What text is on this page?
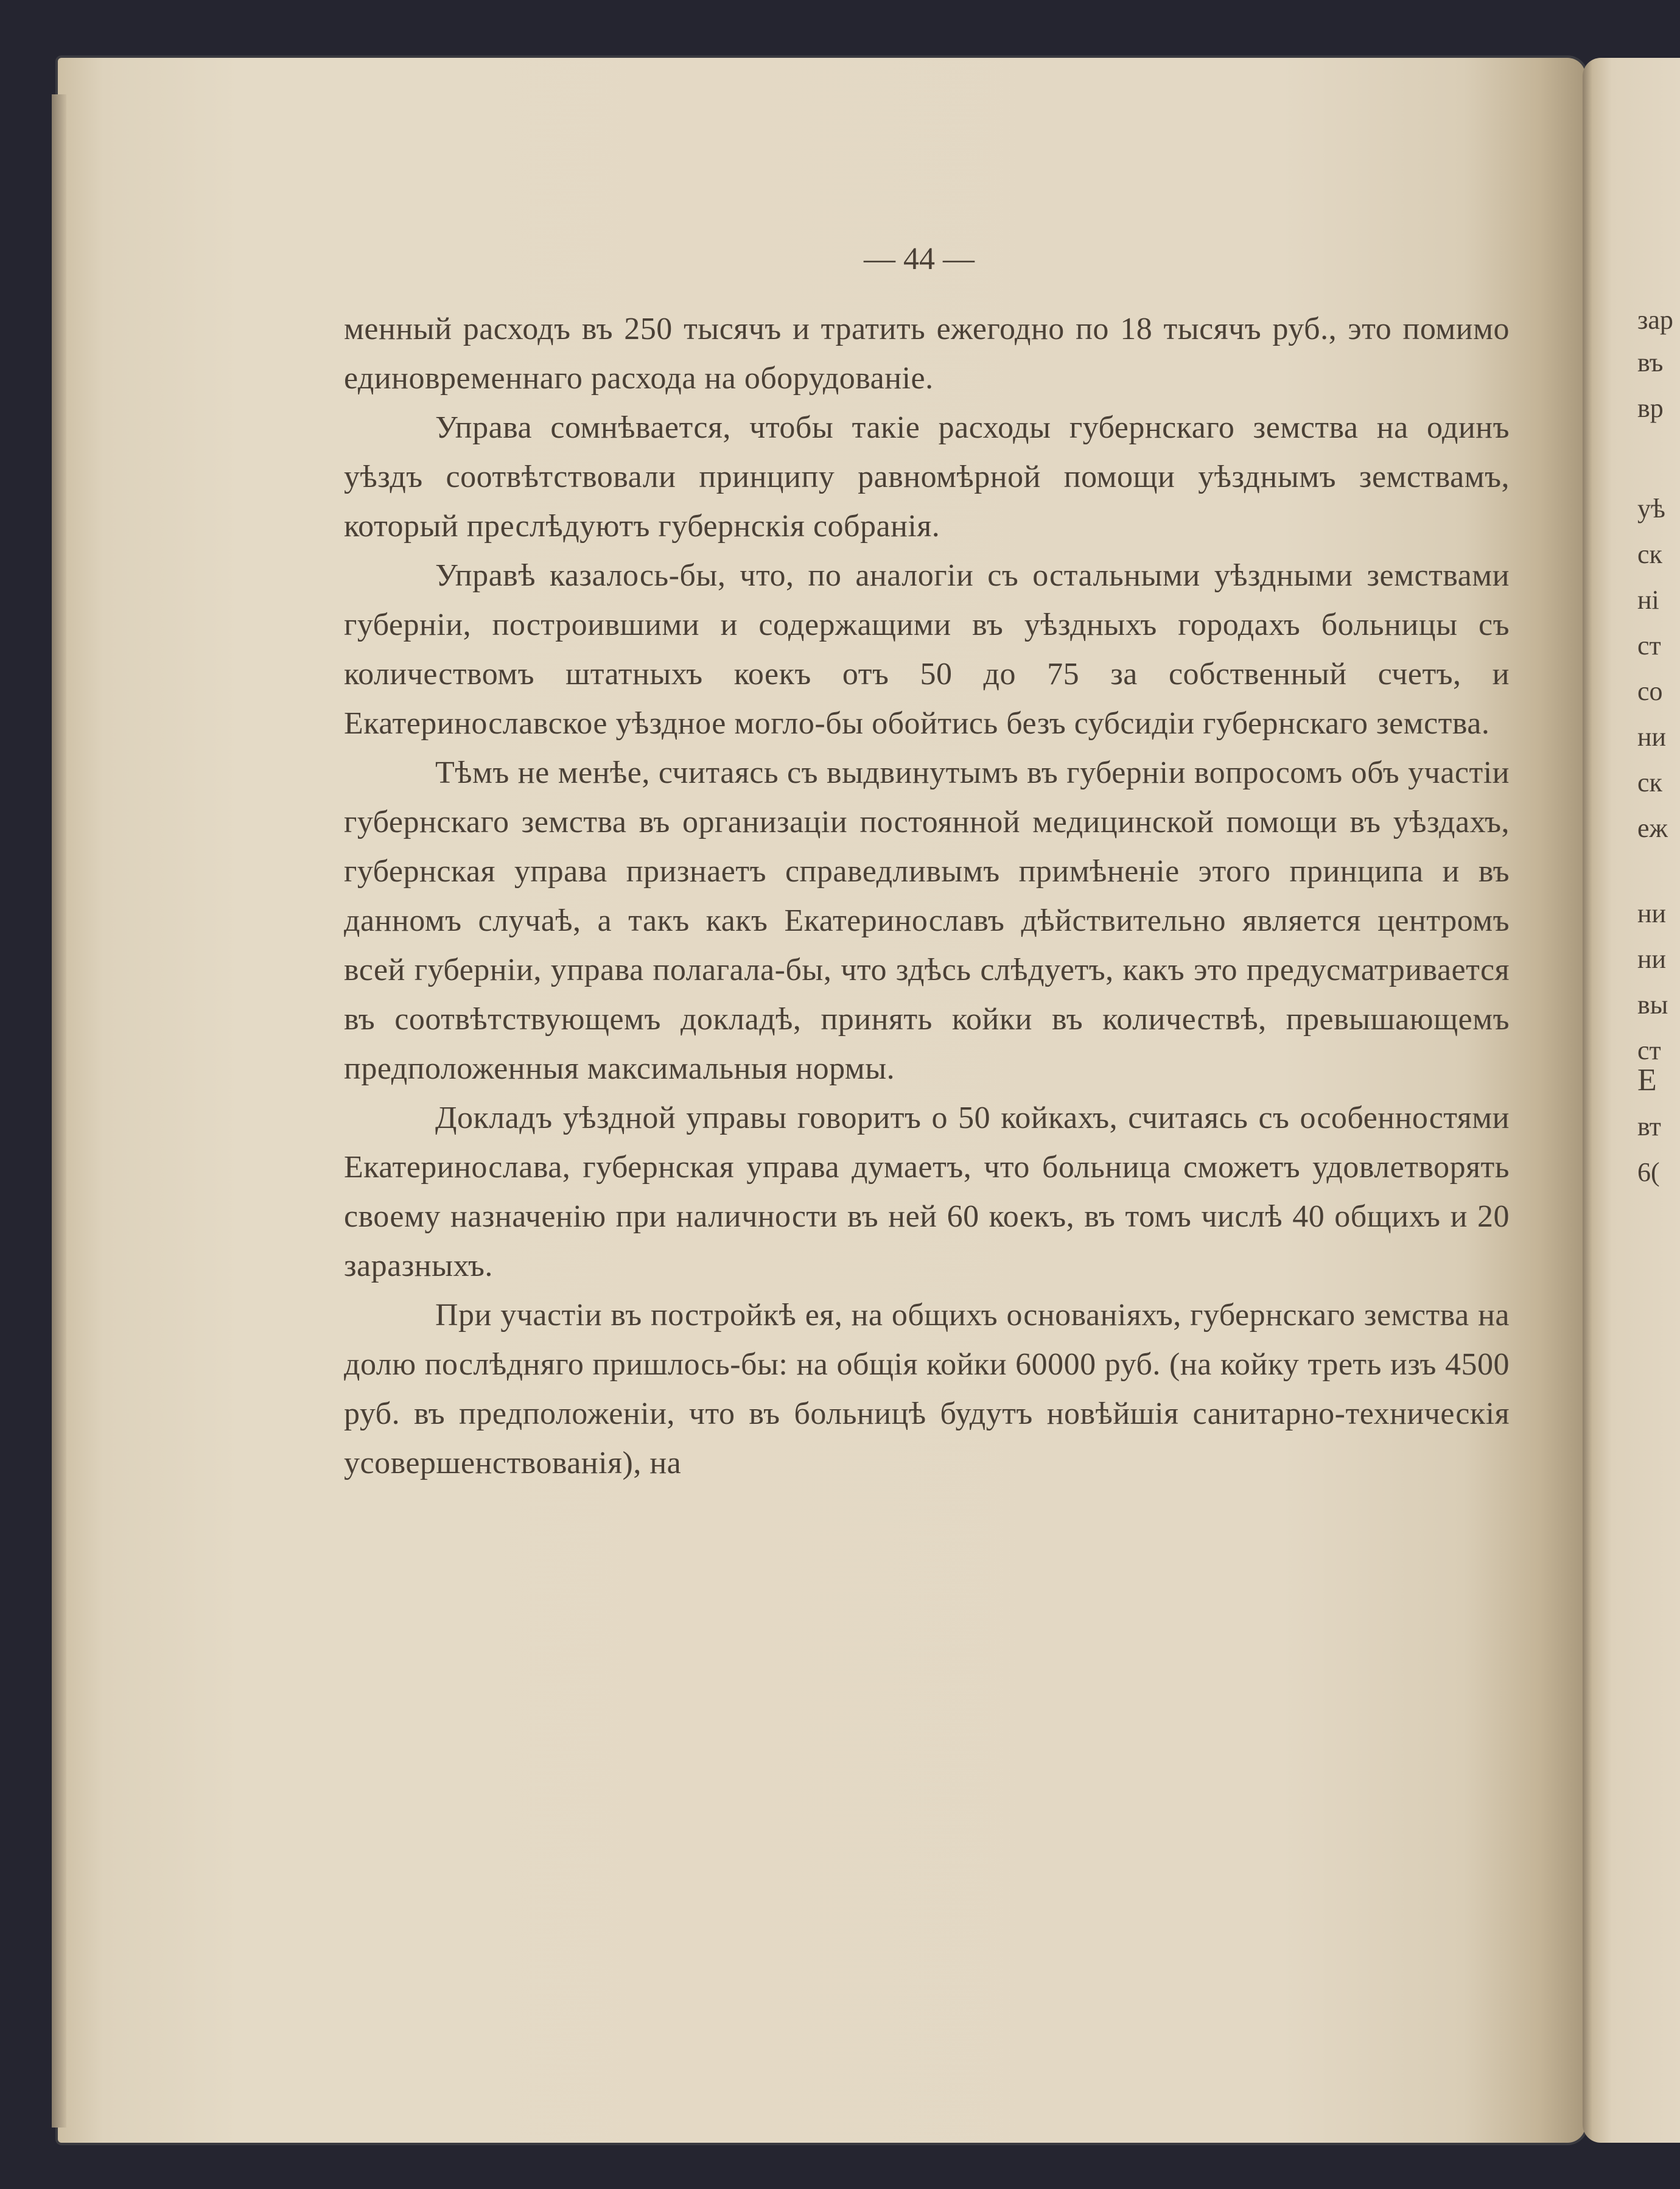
— 44 —

менный расходъ въ 250 тысячъ и тратить ежегодно по 18 тысячъ руб., это помимо единовременнаго расхода на оборудованіе.

Управа сомнѣвается, чтобы такіе расходы губернскаго земства на одинъ уѣздъ соотвѣтствовали принципу равномѣрной помощи уѣзднымъ земствамъ, который преслѣдуютъ губернскія собранія.

Управѣ казалось-бы, что, по аналогіи съ остальными уѣздными земствами губерніи, построившими и содержащими въ уѣздныхъ городахъ больницы съ количествомъ штатныхъ коекъ отъ 50 до 75 за собственный счетъ, и Екатеринославское уѣздное могло-бы обойтись безъ субсидіи губернскаго земства.

Тѣмъ не менѣе, считаясь съ выдвинутымъ въ губерніи вопросомъ объ участіи губернскаго земства въ организаціи постоянной медицинской помощи въ уѣздахъ, губернская управа признаетъ справедливымъ примѣненіе этого принципа и въ данномъ случаѣ, а такъ какъ Екатеринославъ дѣйствительно является центромъ всей губерніи, управа полагала-бы, что здѣсь слѣдуетъ, какъ это предусматривается въ соотвѣтствующемъ докладѣ, принять койки въ количествѣ, превышающемъ предположенныя максимальныя нормы.

Докладъ уѣздной управы говоритъ о 50 койкахъ, считаясь съ особенностями Екатеринослава, губернская управа думаетъ, что больница сможетъ удовлетворять своему назначенію при наличности въ ней 60 коекъ, въ томъ числѣ 40 общихъ и 20 заразныхъ.

При участіи въ постройкѣ ея, на общихъ основаніяхъ, губернскаго земства на долю послѣдняго пришлось-бы: на общія койки 60000 руб. (на койку треть изъ 4500 руб. въ предположеніи, что въ больницѣ будутъ новѣйшія санитарно-техническія усовершенствованія), на

зар
въ
вр
уѣ
ск
ні
ст
со
ни
ск
еж
ни
ни
вы
ст
Е
вт
6(
